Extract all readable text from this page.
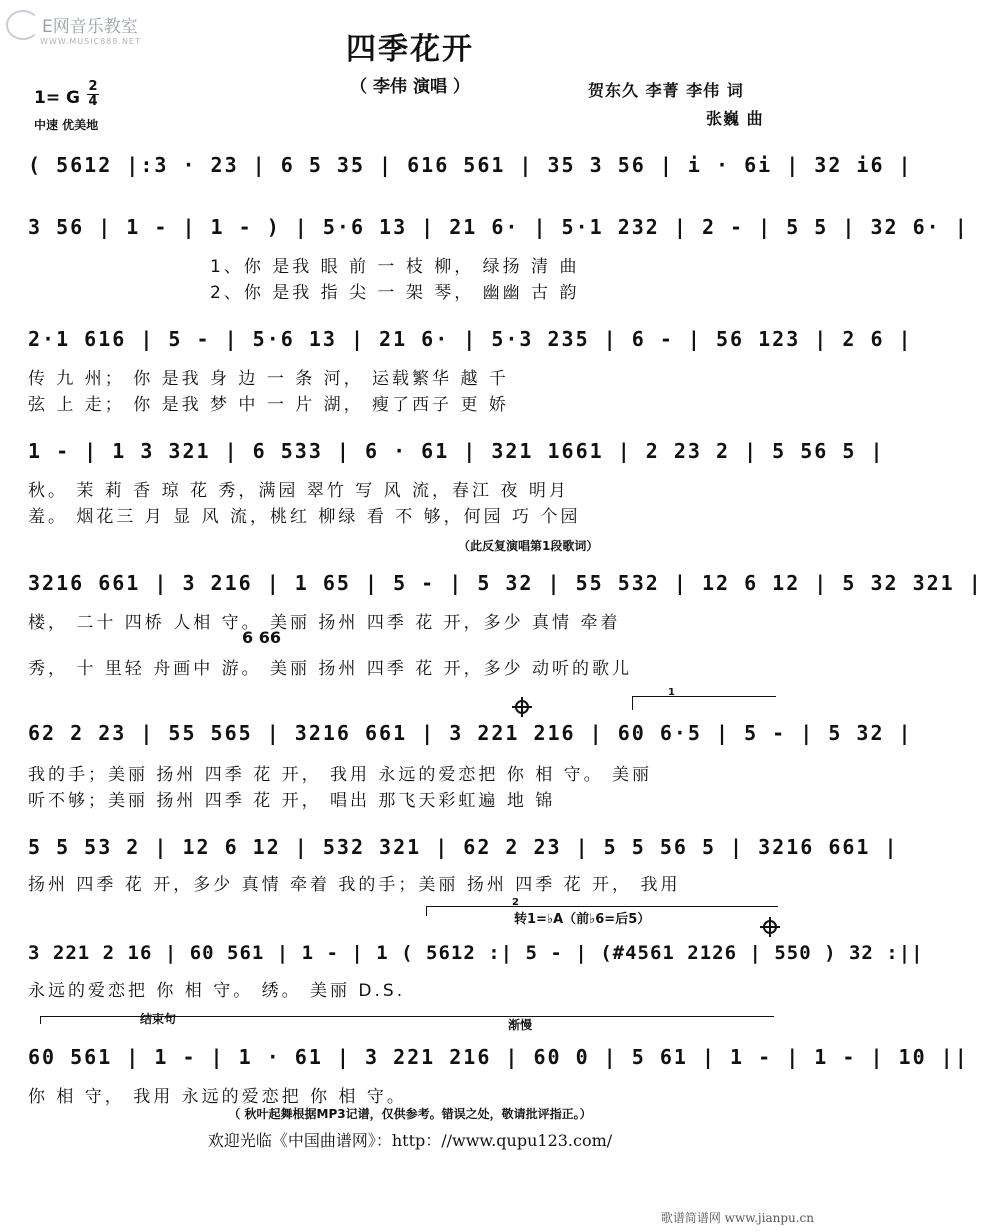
E网音乐教室
WWW.MUSIC888.NET	四季花开
（ 李伟 演唱 ）	贺东久 李菁 李伟 词
张巍 曲
1= G
2
4
中速 优美地
( 5612 |:3 · 23 | 6 5 35 | 616 561 | 35 3 56 | i · 6i | 32 i6 |
3 56 | 1 - | 1 - ) | 5·6 13 | 21 6· | 5·1 232 | 2 - | 5 5 | 32 6· |
1、你 是我 眼 前 一 枝 柳， 绿扬 清 曲
2、你 是我 指 尖 一 架 琴， 幽幽 古 韵
2·1 616 | 5 - | 5·6 13 | 21 6· | 5·3 235 | 6 - | 56 123 | 2 6 |
传 九 州； 你 是我 身 边 一 条 河， 运载繁华 越 千
弦 上 走； 你 是我 梦 中 一 片 湖， 瘦了西子 更 娇
1 - | 1 3 321 | 6 533 | 6 · 61 | 321 1661 | 2 23 2 | 5 56 5 |
秋。 茉 莉 香 琼 花 秀，满园 翠竹 写 风 流，春江 夜 明月
羞。 烟花三 月 显 风 流，桃红 柳绿 看 不 够，何园 巧 个园
（此反复演唱第1段歌词）
3216 661 | 3 216 | 1 65 | 5 - | 5 32 | 55 532 | 12 6 12 | 5 32 321 |
楼， 二十 四桥 人相 守。 美丽 扬州 四季 花 开，多少 真情 牵着
6 66
秀， 十 里轻 舟画中 游。 美丽 扬州 四季 花 开，多少 动听的歌儿
1
62 2 23 | 55 565 | 3216 661 | 3 221 216 | 60 6·5 | 5 - | 5 32 |
我的手；美丽 扬州 四季 花 开， 我用 永远的爱恋把 你 相 守。 美丽
听不够；美丽 扬州 四季 花 开， 唱出 那飞天彩虹遍 地 锦
5 5 53 2 | 12 6 12 | 532 321 | 62 2 23 | 5 5 56 5 | 3216 661 |
扬州 四季 花 开，多少 真情 牵着 我的手；美丽 扬州 四季 花 开， 我用
2
转1=♭A（前♭6=后5）
3 221 2 16 | 60 561 | 1 - | 1 ( 5612 :| 5 - | (#4561 2126 | 550 ) 32 :||
永远的爱恋把 你 相 守。 绣。 美丽 D.S.
结束句	渐慢
60 561 | 1 - | 1 · 61 | 3 221 216 | 60 0 | 5 61 | 1 - | 1 - | 10 ||
你 相 守， 我用 永远的爱恋把 你 相 守。
（ 秋叶起舞根据MP3记谱，仅供参考。错误之处，敬请批评指正。）
欢迎光临《中国曲谱网》：http：//www.qupu123.com/
歌谱简谱网 www.jianpu.cn
